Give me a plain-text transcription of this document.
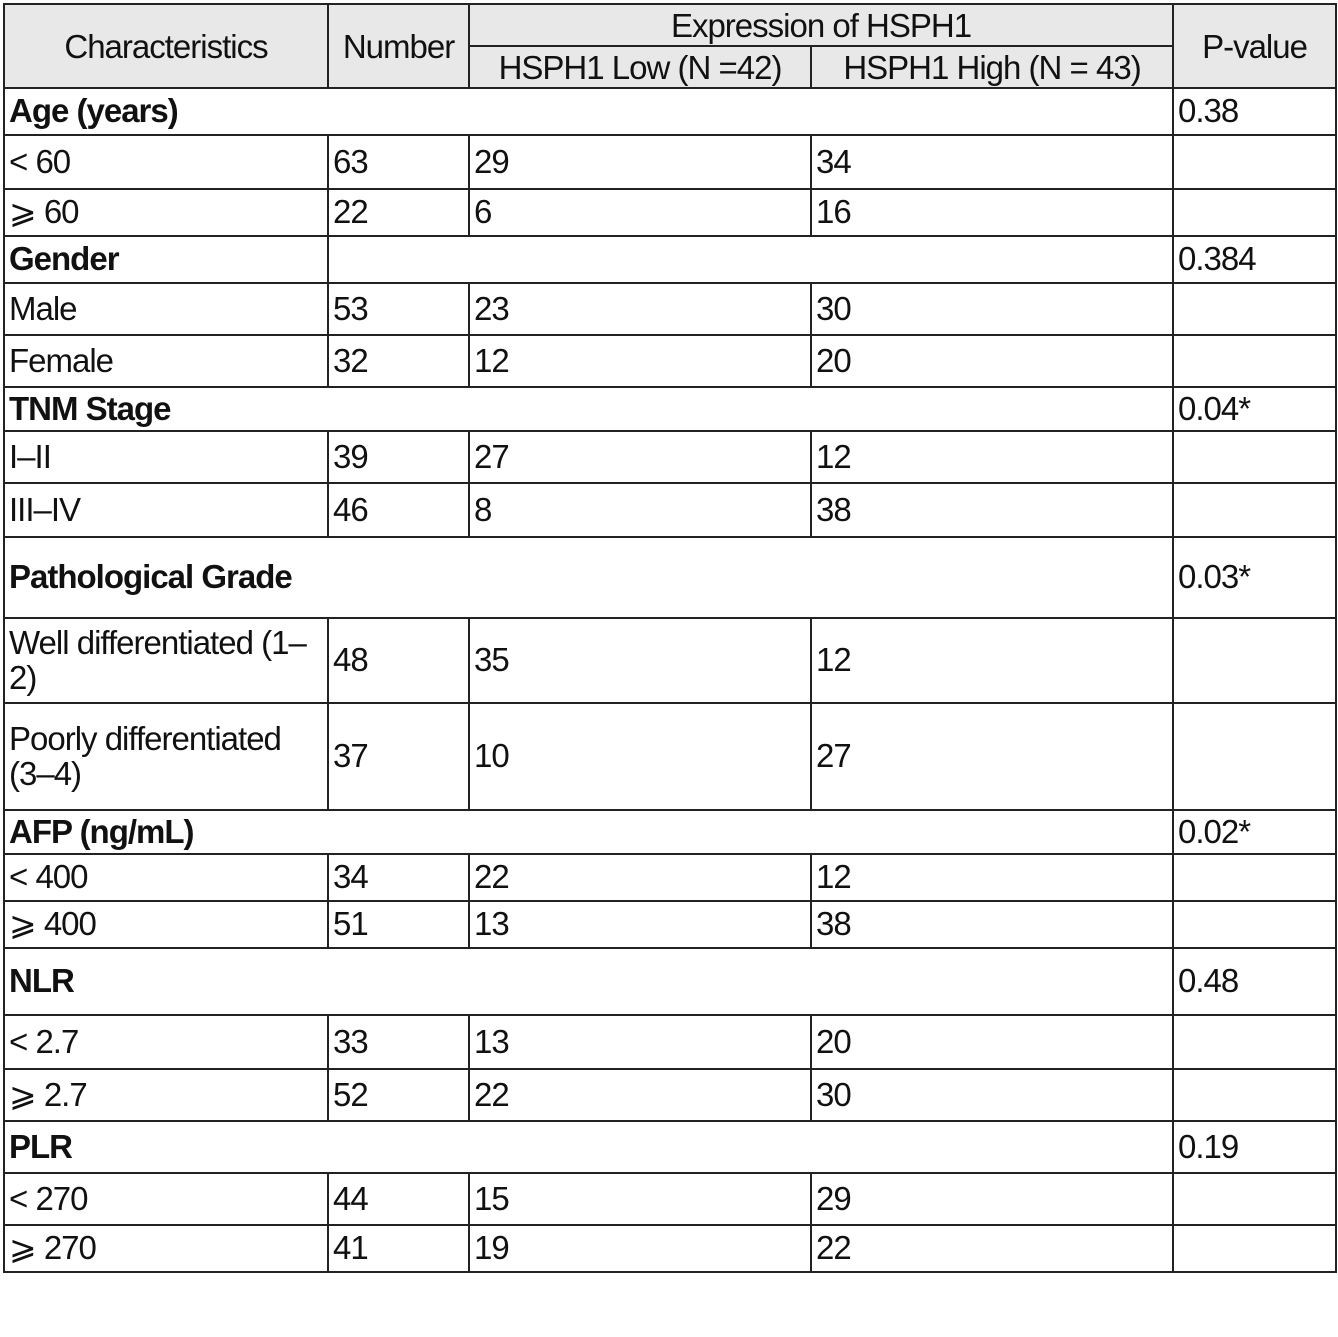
Characteristics	Number	Expression of HSPH1		P-value
		HSPH1 Low (N =42)	HSPH1 High (N = 43)	
Age (years)				0.38
< 60	63	29	34	
⩾ 60	22	6	16	
Gender				0.384
Male	53	23	30	
Female	32	12	20	
TNM Stage				0.04*
I–II	39	27	12	
III–IV	46	8	38	
Pathological Grade				0.03*
Well differentiated (1–2)	48	35	12	
Poorly differentiated (3–4)	37	10	27	
AFP (ng/mL)				0.02*
< 400	34	22	12	
⩾ 400	51	13	38	
NLR				0.48
< 2.7	33	13	20	
⩾ 2.7	52	22	30	
PLR				0.19
< 270	44	15	29	
⩾ 270	41	19	22	
